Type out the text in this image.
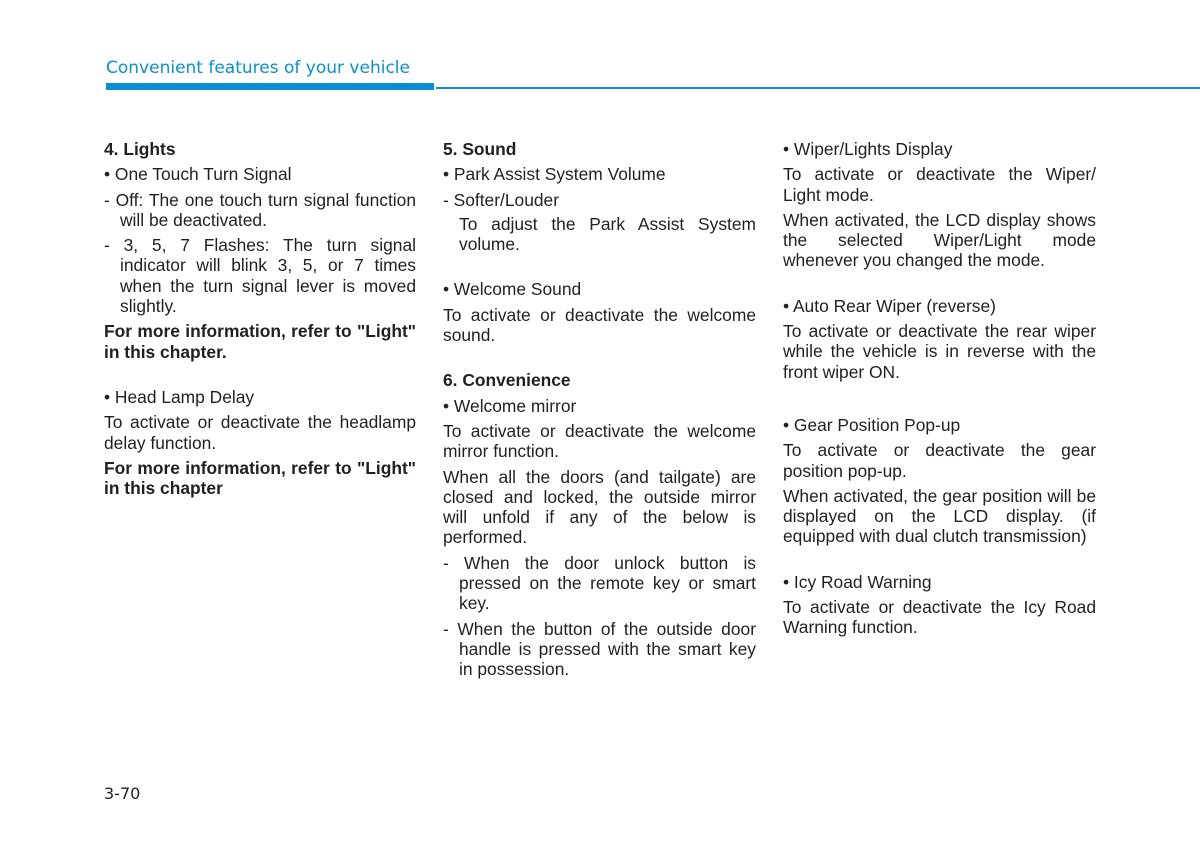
Convenient features of your vehicle

4. Lights

• One Touch Turn Signal

- Off: The one touch turn signal function will be deactivated.

- 3, 5, 7 Flashes: The turn signal indicator will blink 3, 5, or 7 times when the turn signal lever is moved slightly.

For more information, refer to "Light" in this chapter.

• Head Lamp Delay

To activate or deactivate the headlamp delay function.

For more information, refer to "Light" in this chapter

5. Sound

• Park Assist System Volume

- Softer/Louder

To adjust the Park Assist System volume.

• Welcome Sound

To activate or deactivate the welcome sound.

6. Convenience

• Welcome mirror

To activate or deactivate the welcome mirror function.

When all the doors (and tailgate) are closed and locked, the outside mirror will unfold if any of the below is performed.

- When the door unlock button is pressed on the remote key or smart key.

- When the button of the outside door handle is pressed with the smart key in possession.

• Wiper/Lights Display

To activate or deactivate the Wiper/ Light mode.

When activated, the LCD display shows the selected Wiper/Light mode whenever you changed the mode.

• Auto Rear Wiper (reverse)

To activate or deactivate the rear wiper while the vehicle is in reverse with the front wiper ON.

• Gear Position Pop-up

To activate or deactivate the gear position pop-up.

When activated, the gear position will be displayed on the LCD display. (if equipped with dual clutch transmission)

• Icy Road Warning

To activate or deactivate the Icy Road Warning function.

3-70
